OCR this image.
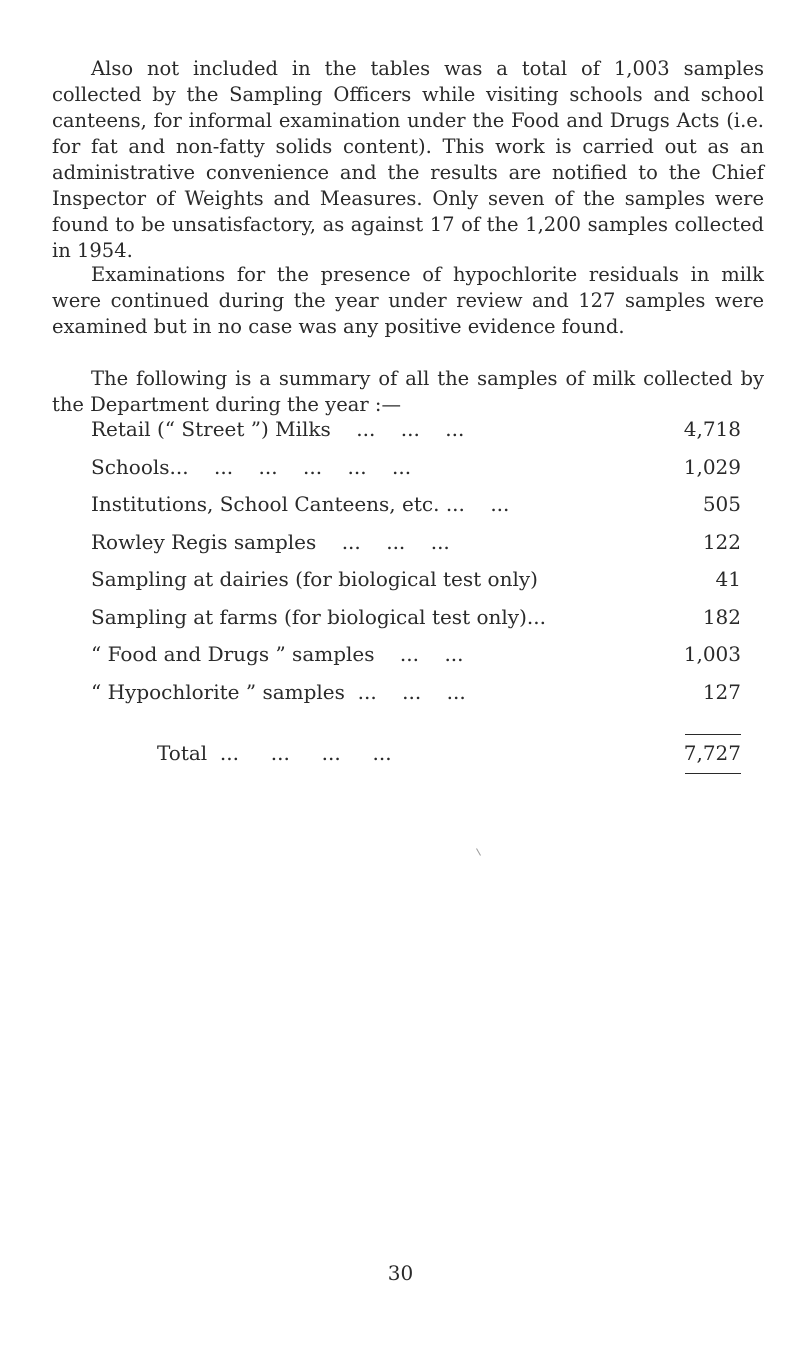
Also not included in the tables was a total of 1,003 samples collected by the Sampling Officers while visiting schools and school canteens, for informal examination under the Food and Drugs Acts (i.e. for fat and non-fatty solids content). This work is carried out as an administrative convenience and the results are notified to the Chief Inspector of Weights and Measures. Only seven of the samples were found to be unsatisfactory, as against 17 of the 1,200 samples collected in 1954.

Examinations for the presence of hypochlorite residuals in milk were continued during the year under review and 127 samples were examined but in no case was any positive evidence found.

The following is a summary of all the samples of milk collected by the Department during the year :—

Retail (“ Street ”) Milks    ...    ...    ...	4,718
Schools...    ...    ...    ...    ...    ...	1,029
Institutions, School Canteens, etc. ...    ...	505
Rowley Regis samples    ...    ...    ...	122
Sampling at dairies (for biological test only)	41
Sampling at farms (for biological test only)...	182
“ Food and Drugs ” samples    ...    ...	1,003
“ Hypochlorite ” samples  ...    ...    ...	127
Total  ...     ...     ...     ...	7,727
30
